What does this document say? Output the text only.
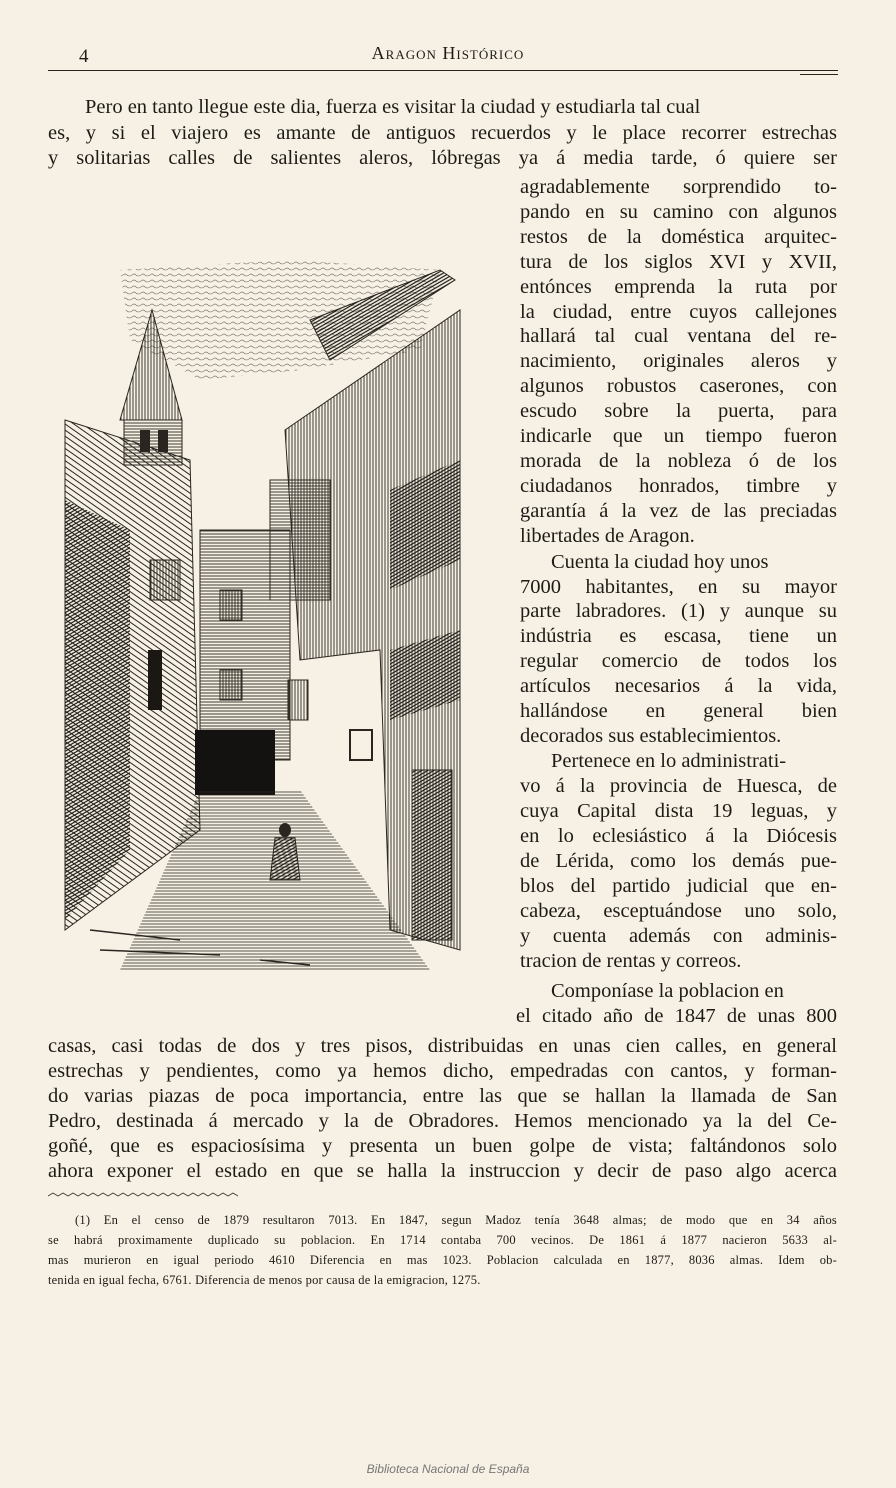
4	Aragon Histórico
Pero en tanto llegue este dia, fuerza es visitar la ciudad y estudiarla tal cual
es, y si el viajero es amante de antiguos recuerdos y le place recorrer estrechas
y solitarias calles de salientes aleros, lóbregas ya á media tarde, ó quiere ser
agradablemente sorprendido to-
pando en su camino con algunos
restos de la doméstica arquitec-
tura de los siglos XVI y XVII,
entónces emprenda la ruta por
la ciudad, entre cuyos callejones
hallará tal cual ventana del re-
nacimiento, originales aleros y
algunos robustos caserones, con
escudo sobre la puerta, para
indicarle que un tiempo fueron
morada de la nobleza ó de los
ciudadanos honrados, timbre y
garantía á la vez de las preciadas
libertades de Aragon.
Cuenta la ciudad hoy unos
7000 habitantes, en su mayor
parte labradores. (1) y aunque su
indústria es escasa, tiene un
regular comercio de todos los
artículos necesarios á la vida,
hallándose en general bien
decorados sus establecimientos.
Pertenece en lo administrati-
vo á la provincia de Huesca, de
cuya Capital dista 19 leguas, y
en lo eclesiástico á la Diócesis
de Lérida, como los demás pue-
blos del partido judicial que en-
cabeza, esceptuándose uno solo,
y cuenta además con adminis-
tracion de rentas y correos.
Componíase la poblacion en
el citado año de 1847 de unas 800
casas, casi todas de dos y tres pisos, distribuidas en unas cien calles, en general
estrechas y pendientes, como ya hemos dicho, empedradas con cantos, y forman-
do varias piazas de poca importancia, entre las que se hallan la llamada de San
Pedro, destinada á mercado y la de Obradores. Hemos mencionado ya la del Ce-
goñé, que es espaciosísima y presenta un buen golpe de vista; faltándonos solo
ahora exponer el estado en que se halla la instruccion y decir de paso algo acerca
(1) En el censo de 1879 resultaron 7013. En 1847, segun Madoz tenía 3648 almas; de modo que en 34 años
se habrá proximamente duplicado su poblacion. En 1714 contaba 700 vecinos. De 1861 á 1877 nacieron 5633 al-
mas murieron en igual periodo 4610 Diferencia en mas 1023. Poblacion calculada en 1877, 8036 almas. Idem ob-
tenida en igual fecha, 6761. Diferencia de menos por causa de la emigracion, 1275.
Biblioteca Nacional de España
